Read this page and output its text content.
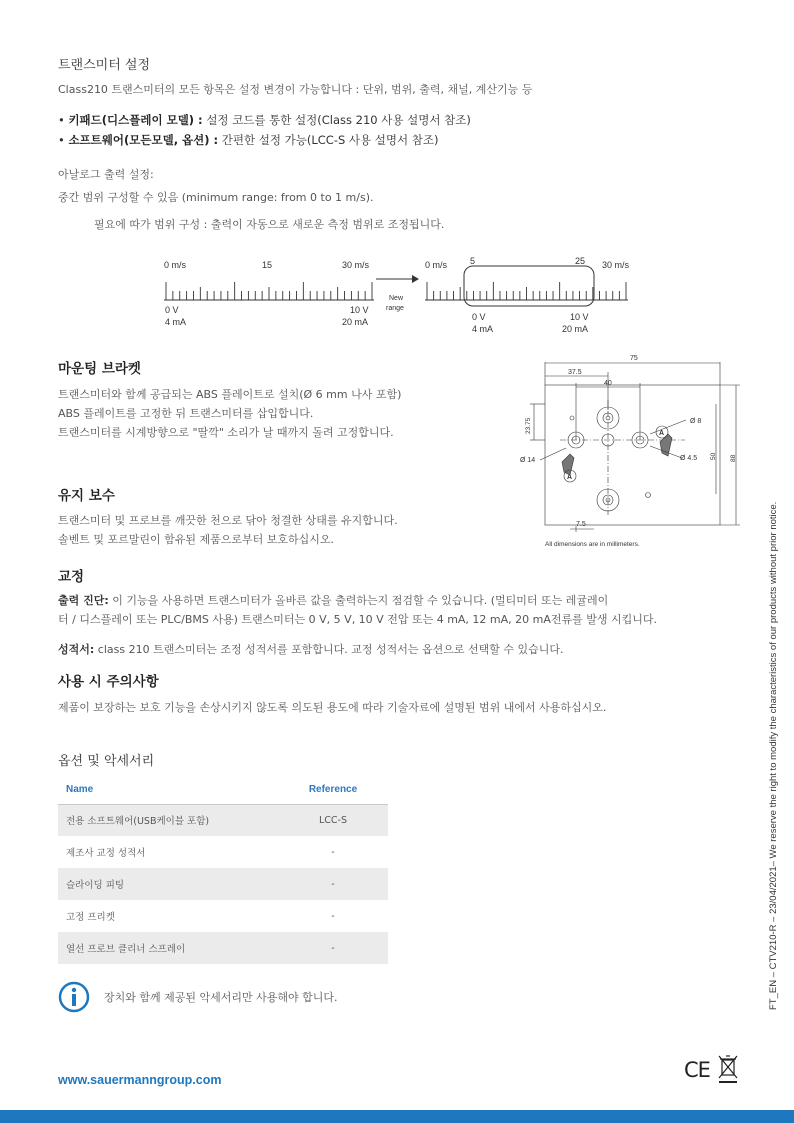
트랜스미터 설정
Class210 트랜스미터의 모든 항목은 설정 변경이 가능합니다 : 단위, 범위, 출력, 채널, 계산기능 등
• 키패드(디스플레이 모델) : 설정 코드를 통한 설정(Class 210 사용 설명서 참조)
• 소프트웨어(모든모델, 옵션) : 간편한 설정 가능(LCC-S 사용 설명서 참조)
아날로그 출력 설정:
중간 범위 구성할 수 있음 (minimum range: from 0 to 1 m/s).
필요에 따가 범위 구성 : 출력이 자동으로 새로운 측정 범위로 조정됩니다.
0 m/s	15	30 m/s
0 V
4 mA
10 V
20 mA
New
range
0 m/s	5	25 30 m/s
0 V
4 mA
10 V
20 mA
마운팅 브라켓
트랜스미터와 함께 공급되는 ABS 플레이트로 설치(Ø 6 mm 나사 포함)
ABS 플레이트를 고정한 뒤 트랜스미터를 삽입합니다.
트랜스미터를 시계방향으로 "딸깍" 소리가 날 때까지 돌려 고정합니다.
75
37.5
40
23.75	Ø 8
Ø 14	Ø 4.5 50 88
7.5
A
A
All dimensions are in millimeters.
유지 보수
트랜스미터 및 프로브를 깨끗한 천으로 닦아 청결한 상태를 유지합니다.
솔벤트 및 포르말린이 함유된 제품으로부터 보호하십시오.
교정
출력 진단: 이 기능을 사용하면 트랜스미터가 올바른 값을 출력하는지 점검할 수 있습니다. (멀티미터 또는 레귤레이
터 / 디스플레이 또는 PLC/BMS 사용) 트랜스미터는 0 V, 5 V, 10 V 전압 또는 4 mA, 12 mA, 20 mA전류를 발생 시킵니다.
성적서: class 210 트랜스미터는 조정 성적서를 포함합니다. 교정 성적서는 옵션으로 선택할 수 있습니다.
사용 시 주의사항
제품이 보장하는 보호 기능을 손상시키지 않도록 의도된 용도에 따라 기술자료에 설명된 범위 내에서 사용하십시오.
옵션 및 악세서리
Name	Reference
전용 소프트웨어(USB케이블 포함)	LCC-S
제조사 교정 성적서	-
슬라이딩 피팅	-
고정 프리켓	-
열선 프로브 클리너 스프레이	-
장치와 함께 제공된 악세서리만 사용해야 합니다.
www.sauermanngroup.com	CE
FT_EN – CTV210-R – 23/04/2021– We reserve the right to modify the characteristics of our products without prior notice.
